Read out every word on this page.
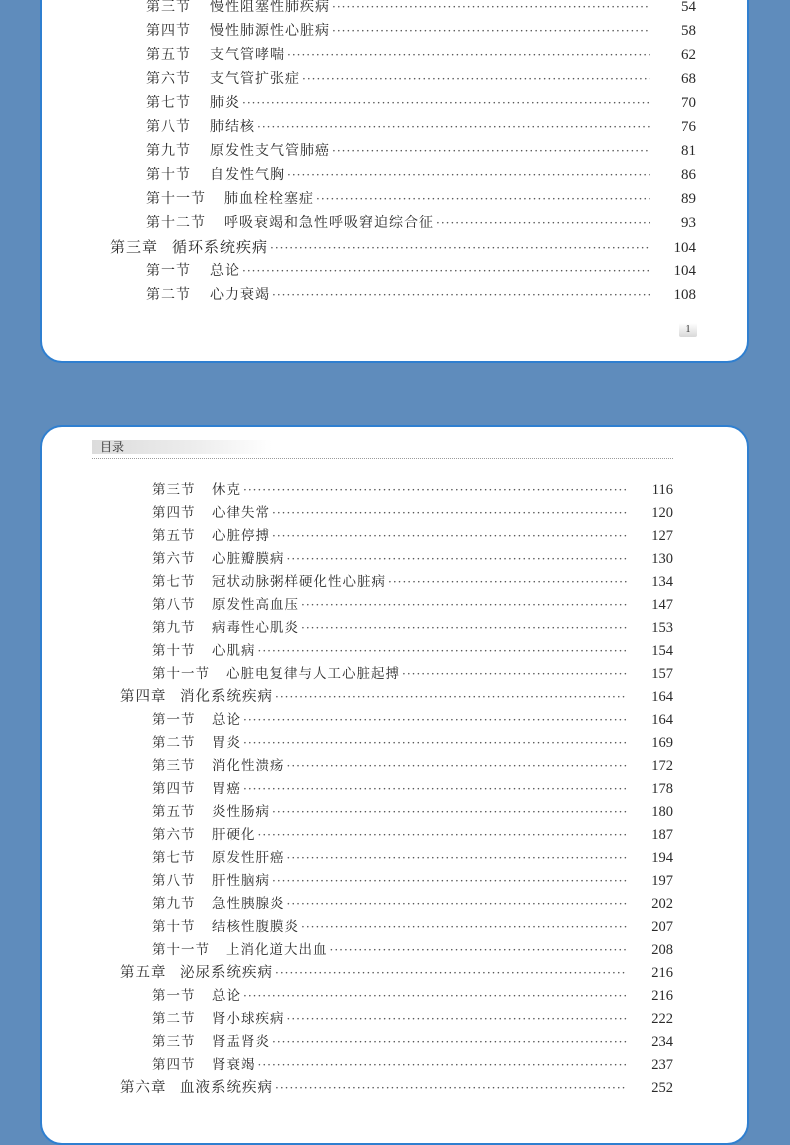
第三节	慢性阻塞性肺疾病 ·····	54
第四节	慢性肺源性心脏病 ·····	58
第五节	支气管哮喘 ·····	62
第六节	支气管扩张症 ·····	68
第七节	肺炎 ·····	70
第八节	肺结核 ·····	76
第九节	原发性支气管肺癌 ·····	81
第十节	自发性气胸 ·····	86
第十一节	肺血栓栓塞症 ·····	89
第十二节	呼吸衰竭和急性呼吸窘迫综合征 ·····	93
第三章 循环系统疾病 ·····	104
第一节	总论 ·····	104
第二节	心力衰竭 ·····	108
1
目录
第三节	休克 ·····	116
第四节	心律失常 ·····	120
第五节	心脏停搏 ·····	127
第六节	心脏瓣膜病 ·····	130
第七节	冠状动脉粥样硬化性心脏病 ·····	134
第八节	原发性高血压 ·····	147
第九节	病毒性心肌炎 ·····	153
第十节	心肌病 ·····	154
第十一节	心脏电复律与人工心脏起搏 ·····	157
第四章 消化系统疾病 ·····	164
第一节	总论 ·····	164
第二节	胃炎 ·····	169
第三节	消化性溃疡 ·····	172
第四节	胃癌 ·····	178
第五节	炎性肠病 ·····	180
第六节	肝硬化 ·····	187
第七节	原发性肝癌 ·····	194
第八节	肝性脑病 ·····	197
第九节	急性胰腺炎 ·····	202
第十节	结核性腹膜炎 ·····	207
第十一节	上消化道大出血 ·····	208
第五章 泌尿系统疾病 ·····	216
第一节	总论 ·····	216
第二节	肾小球疾病 ·····	222
第三节	肾盂肾炎 ·····	234
第四节	肾衰竭 ·····	237
第六章 血液系统疾病 ·····	252
